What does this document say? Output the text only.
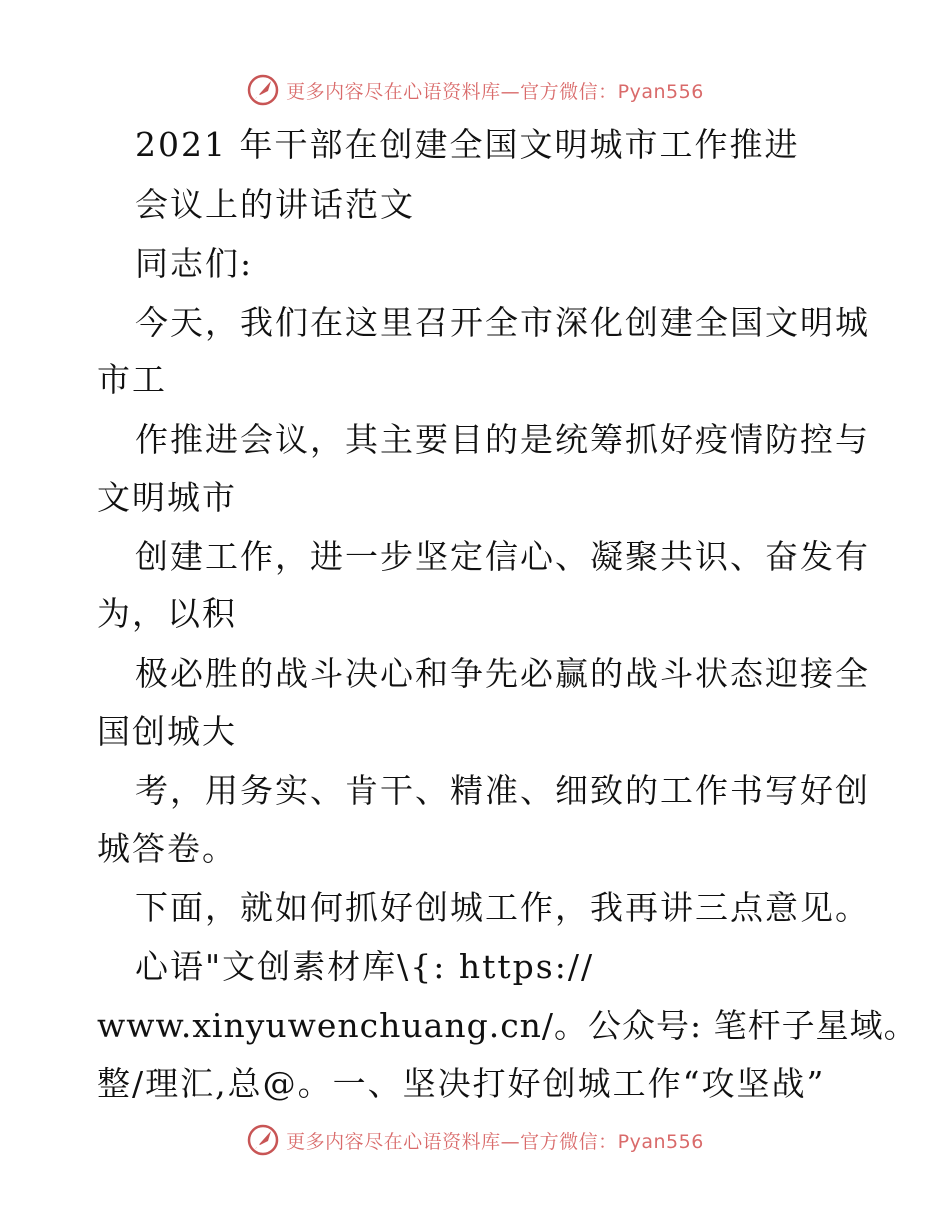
更多内容尽在心语资料库—官方微信：Pyan556
2021 年干部在创建全国文明城市工作推进
会议上的讲话范文
同志们:
今天，我们在这里召开全市深化创建全国文明城
市工
作推进会议，其主要目的是统筹抓好疫情防控与
文明城市
创建工作，进一步坚定信心、凝聚共识、奋发有
为，以积
极必胜的战斗决心和争先必赢的战斗状态迎接全
国创城大
考，用务实、肯干、精准、细致的工作书写好创
城答卷。
下面，就如何抓好创城工作，我再讲三点意见。
心语"文创素材库\{: https://
www.xinyuwenchuang.cn/。公众号: 笔杆子星域。
整/理汇,总@。一、坚决打好创城工作“攻坚战”
更多内容尽在心语资料库—官方微信：Pyan556
